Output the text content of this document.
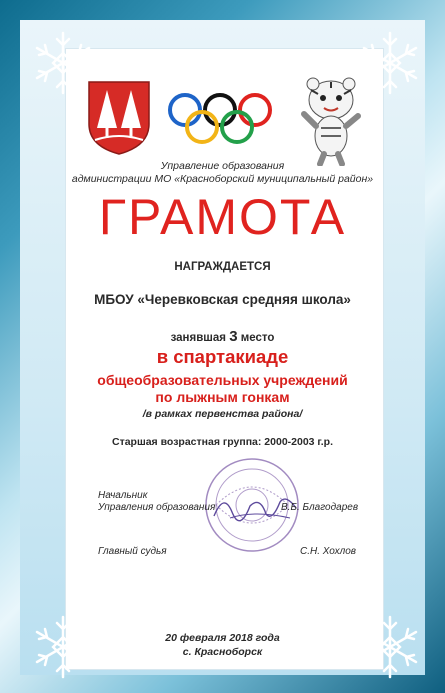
Управление образования
администрации МО «Красноборский муниципальный район»
ГРАМОТА
НАГРАЖДАЕТСЯ
МБОУ «Черевковская средняя школа»
занявшая 3 место
в спартакиаде
общеобразовательных учреждений
по лыжным гонкам
/в рамках первенства района/
Старшая возрастная группа: 2000-2003 г.р.
Начальник
Управления образования	В.Б. Благодарев
Главный судья	С.Н. Хохлов
20 февраля 2018 года
с. Красноборск
